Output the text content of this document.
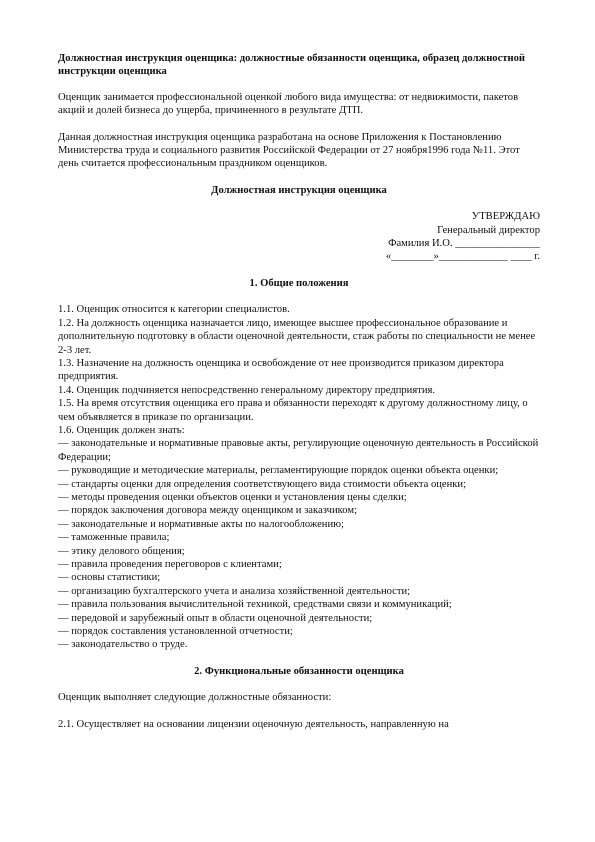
Должностная инструкция оценщика: должностные обязанности оценщика, образец должностной инструкции оценщика

Оценщик занимается профессиональной оценкой любого вида имущества: от недвижимости, пакетов акций и долей бизнеса до ущерба, причиненного в результате ДТП.

Данная должностная инструкция оценщика разработана на основе Приложения к Постановлению Министерства труда и социального развития Российской Федерации от 27 ноября1996 года №11. Этот день считается профессиональным праздником оценщиков.

Должностная инструкция оценщика

УТВЕРЖДАЮ
Генеральный директор
Фамилия И.О. ________________
«________»_____________ ____ г.

1. Общие положения

1.1. Оценщик относится к категории специалистов.
1.2. На должность оценщика назначается лицо, имеющее высшее профессиональное образование и дополнительную подготовку в области оценочной деятельности, стаж работы по специальности не менее 2-3 лет.
1.3. Назначение на должность оценщика и освобождение от нее производится приказом директора предприятия.
1.4. Оценщик подчиняется непосредственно генеральному директору предприятия.
1.5. На время отсутствия оценщика его права и обязанности переходят к другому должностному лицу, о чем объявляется в приказе по организации.
1.6. Оценщик должен знать:
— законодательные и нормативные правовые акты, регулирующие оценочную деятельность в Российской Федерации;
— руководящие и методические материалы, регламентирующие порядок оценки объекта оценки;
— стандарты оценки для определения соответствующего вида стоимости объекта оценки;
— методы проведения оценки объектов оценки и установления цены сделки;
— порядок заключения договора между оценщиком и заказчиком;
— законодательные и нормативные акты по налогообложению;
— таможенные правила;
— этику делового общения;
— правила проведения переговоров с клиентами;
— основы статистики;
— организацию бухгалтерского учета и анализа хозяйственной деятельности;
— правила пользования вычислительной техникой, средствами связи и коммуникаций;
— передовой и зарубежный опыт в области оценочной деятельности;
— порядок составления установленной отчетности;
— законодательство о труде.

2. Функциональные обязанности оценщика

Оценщик выполняет следующие должностные обязанности:

2.1. Осуществляет на основании лицензии оценочную деятельность, направленную на
